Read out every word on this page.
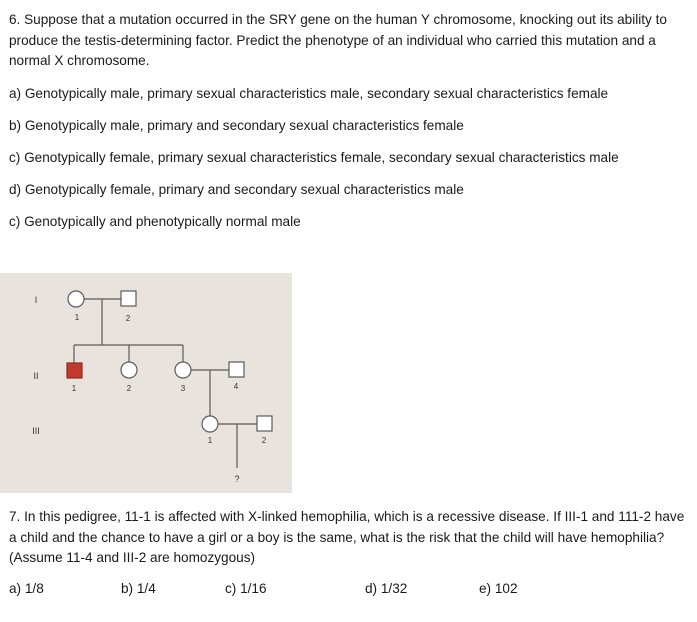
6. Suppose that a mutation occurred in the SRY gene on the human Y chromosome, knocking out its ability to produce the testis-determining factor. Predict the phenotype of an individual who carried this mutation and a normal X chromosome.
a) Genotypically male, primary sexual characteristics male, secondary sexual characteristics female
b) Genotypically male, primary and secondary sexual characteristics female
c) Genotypically female, primary sexual characteristics female, secondary sexual characteristics male
d) Genotypically female, primary and secondary sexual characteristics male
c) Genotypically and phenotypically normal male
I
II
III
1	2
1	2	3	4
1	2
?
7. In this pedigree, 11-1 is affected with X-linked hemophilia, which is a recessive disease. If III-1 and 111-2 have a child and the chance to have a girl or a boy is the same, what is the risk that the child will have hemophilia? (Assume 11-4 and III-2 are homozygous)
a) 1/8	b) 1/4	c) 1/16	d) 1/32	e) 102
